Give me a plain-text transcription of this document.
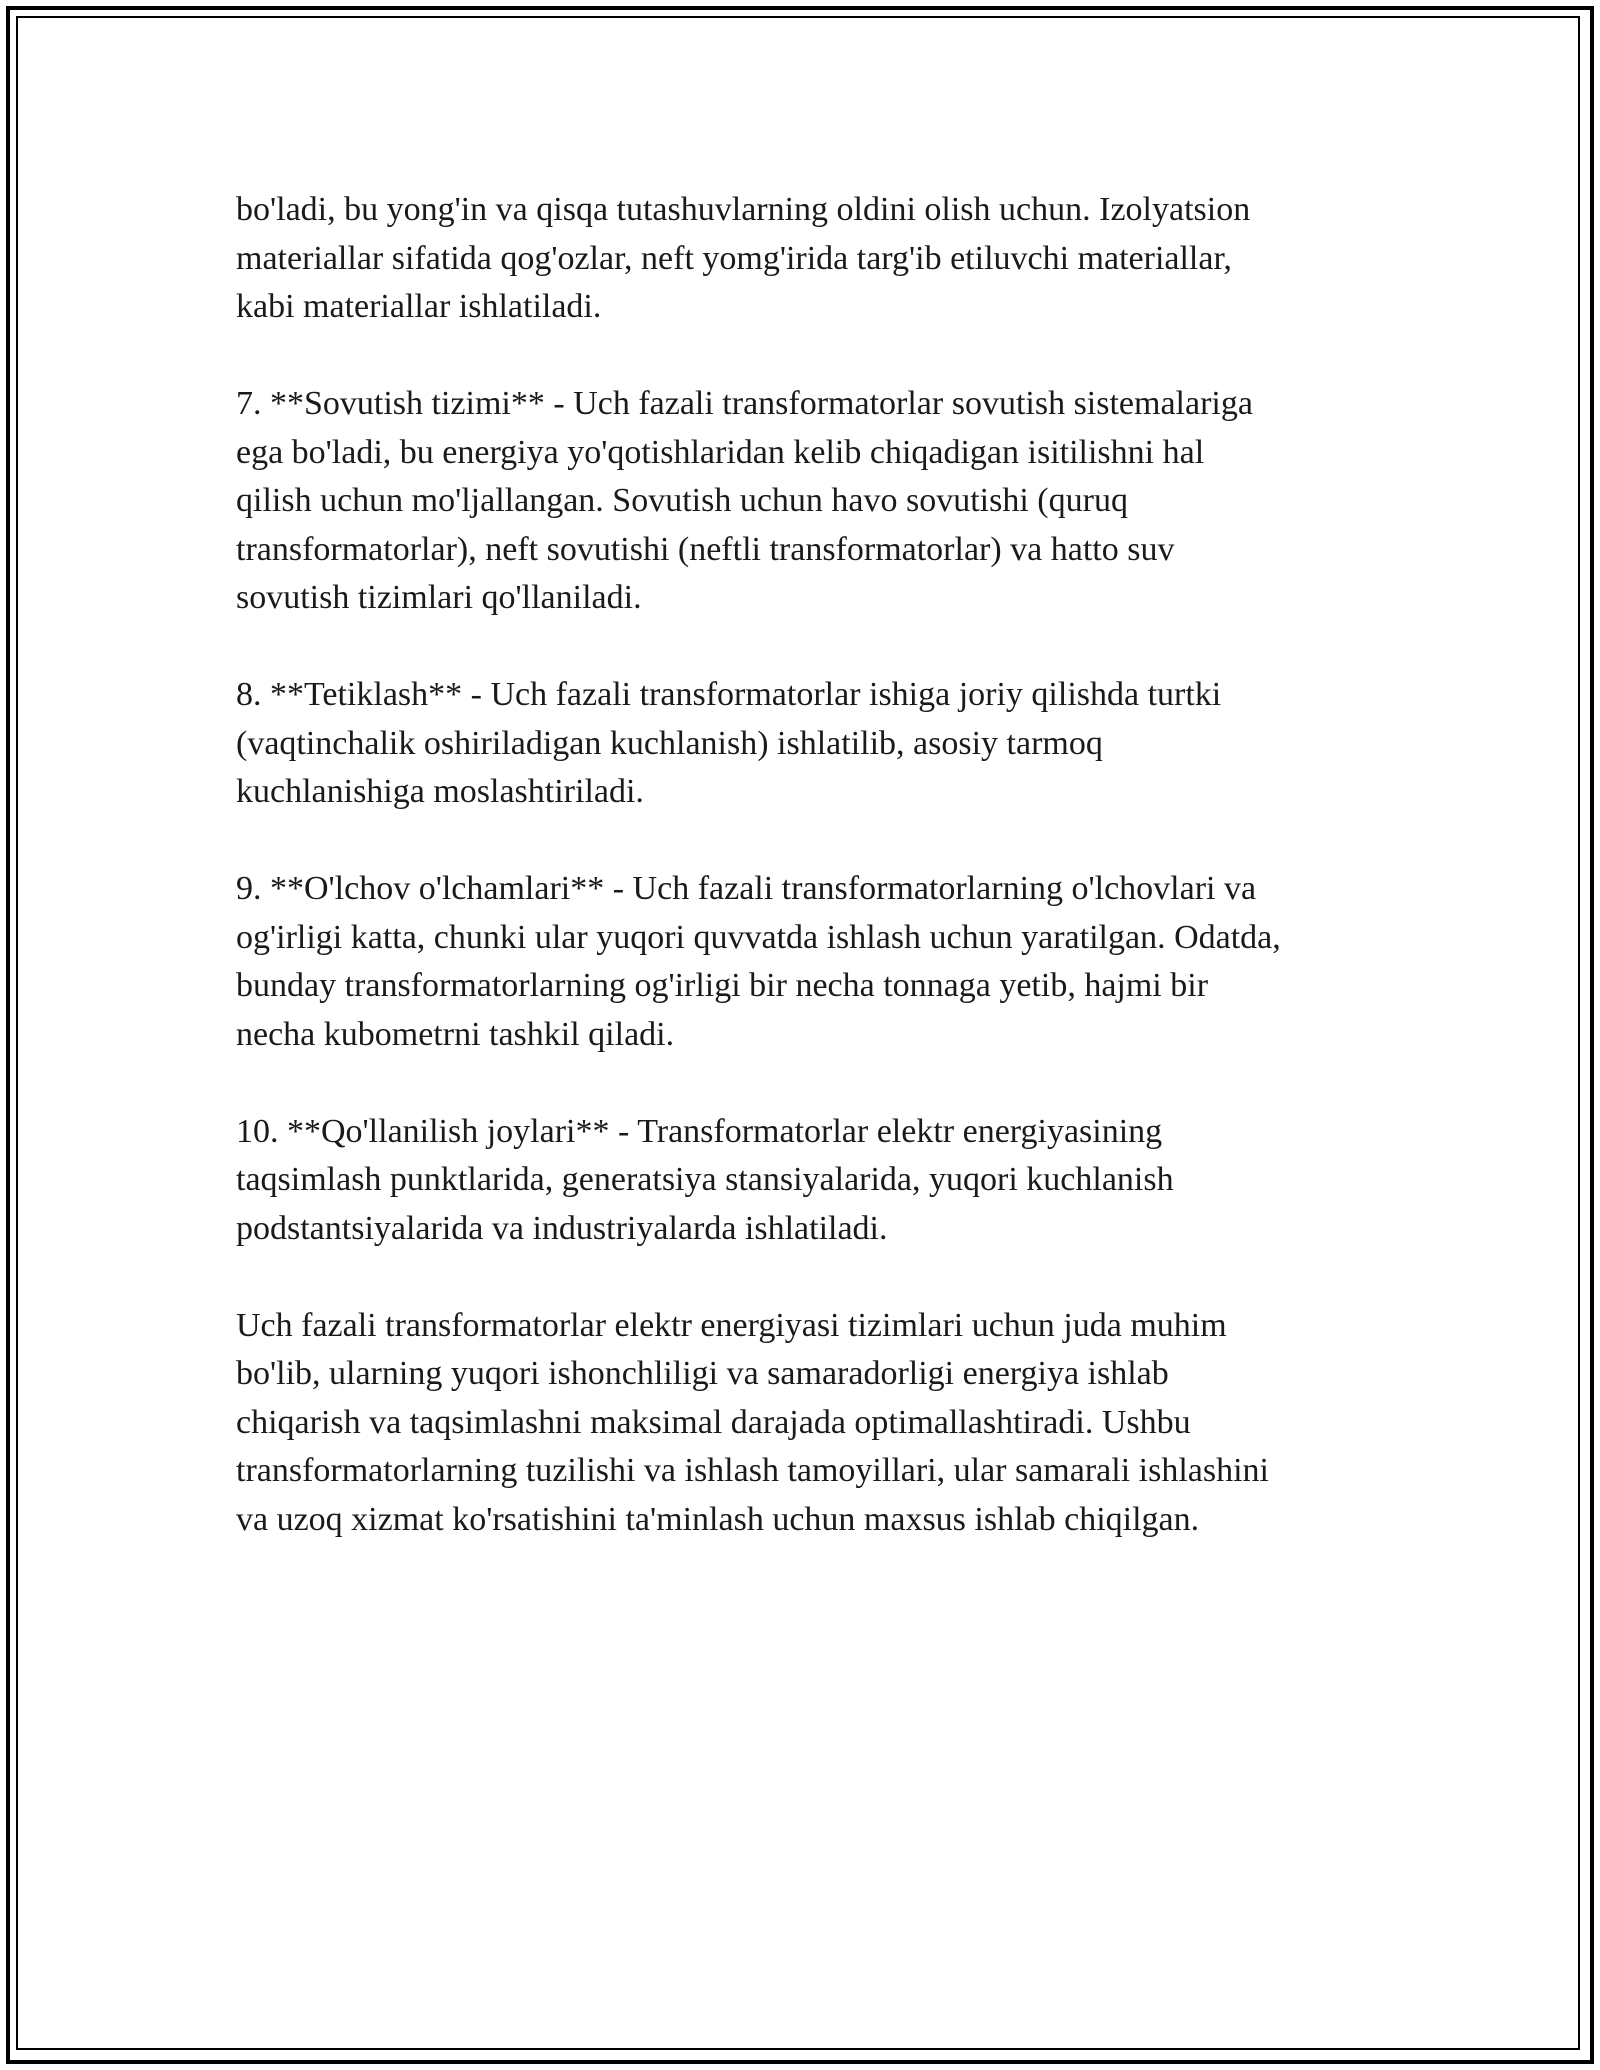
bo'ladi, bu yong'in va qisqa tutashuvlarning oldini olish uchun. Izolyatsion
materiallar sifatida qog'ozlar, neft yomg'irida targ'ib etiluvchi materiallar,
kabi materiallar ishlatiladi.

7. **Sovutish tizimi** - Uch fazali transformatorlar sovutish sistemalariga
ega bo'ladi, bu energiya yo'qotishlaridan kelib chiqadigan isitilishni hal
qilish uchun mo'ljallangan. Sovutish uchun havo sovutishi (quruq
transformatorlar), neft sovutishi (neftli transformatorlar) va hatto suv
sovutish tizimlari qo'llaniladi.

8. **Tetiklash** - Uch fazali transformatorlar ishiga joriy qilishda turtki
(vaqtinchalik oshiriladigan kuchlanish) ishlatilib, asosiy tarmoq
kuchlanishiga moslashtiriladi.

9. **O'lchov o'lchamlari** - Uch fazali transformatorlarning o'lchovlari va
og'irligi katta, chunki ular yuqori quvvatda ishlash uchun yaratilgan. Odatda,
bunday transformatorlarning og'irligi bir necha tonnaga yetib, hajmi bir
necha kubometrni tashkil qiladi.

10. **Qo'llanilish joylari** - Transformatorlar elektr energiyasining
taqsimlash punktlarida, generatsiya stansiyalarida, yuqori kuchlanish
podstantsiyalarida va industriyalarda ishlatiladi.

Uch fazali transformatorlar elektr energiyasi tizimlari uchun juda muhim
bo'lib, ularning yuqori ishonchliligi va samaradorligi energiya ishlab
chiqarish va taqsimlashni maksimal darajada optimallashtiradi. Ushbu
transformatorlarning tuzilishi va ishlash tamoyillari, ular samarali ishlashini
va uzoq xizmat ko'rsatishini ta'minlash uchun maxsus ishlab chiqilgan.
